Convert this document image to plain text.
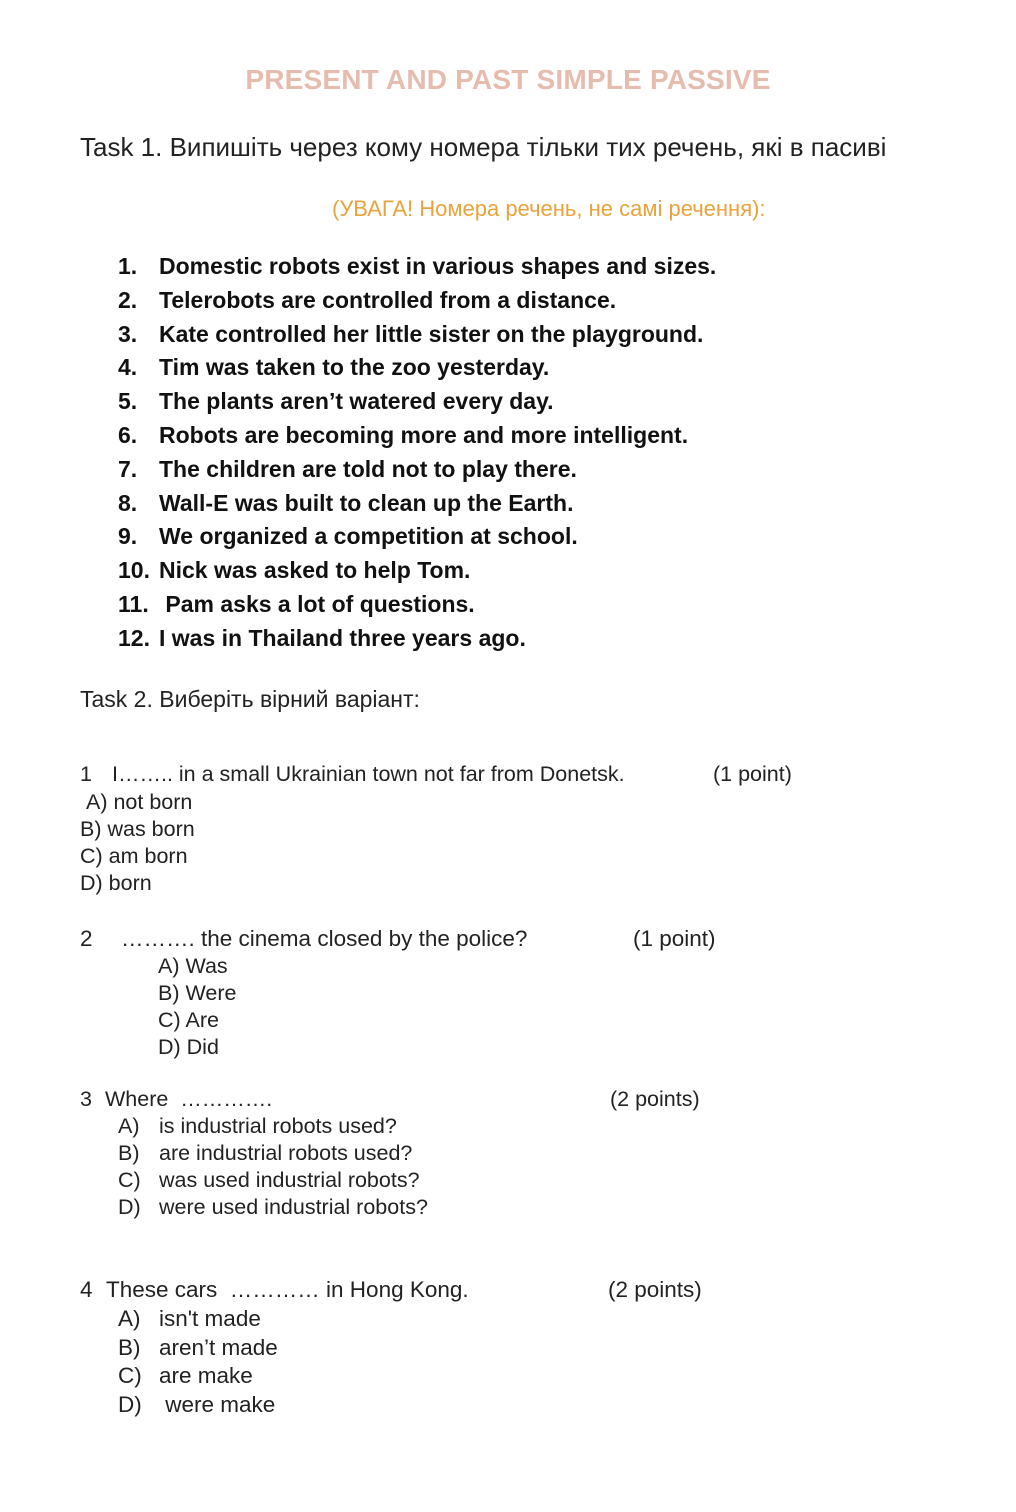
PRESENT AND PAST SIMPLE PASSIVE
Task 1. Випишіть через кому номера тільки тих речень, які в пасиві
(УВАГА! Номера речень, не самі речення):
1. Domestic robots exist in various shapes and sizes.
2. Telerobots are controlled from a distance.
3. Kate controlled her little sister on the playground.
4. Tim was taken to the zoo yesterday.
5. The plants aren’t watered every day.
6. Robots are becoming more and more intelligent.
7. The children are told not to play there.
8. Wall-E was built to clean up the Earth.
9. We organized a competition at school.
10. Nick was asked to help Tom.
11. Pam asks a lot of questions.
12. I was in Thailand three years ago.
Task 2. Виберіть вірний варіант:
1 I…….. in a small Ukrainian town not far from Donetsk.	(1 point)
A) not born
B) was born
C) am born
D) born
2 ………. the cinema closed by the police?	(1 point)
A) Was
B) Were
C) Are
D) Did
3 Where  ………….	(2 points)
A) is industrial robots used?
B) are industrial robots used?
C) was used industrial robots?
D) were used industrial robots?
4 These cars  ………… in Hong Kong.	(2 points)
A) isn't made
B) aren’t made
C) are make
D) were make
